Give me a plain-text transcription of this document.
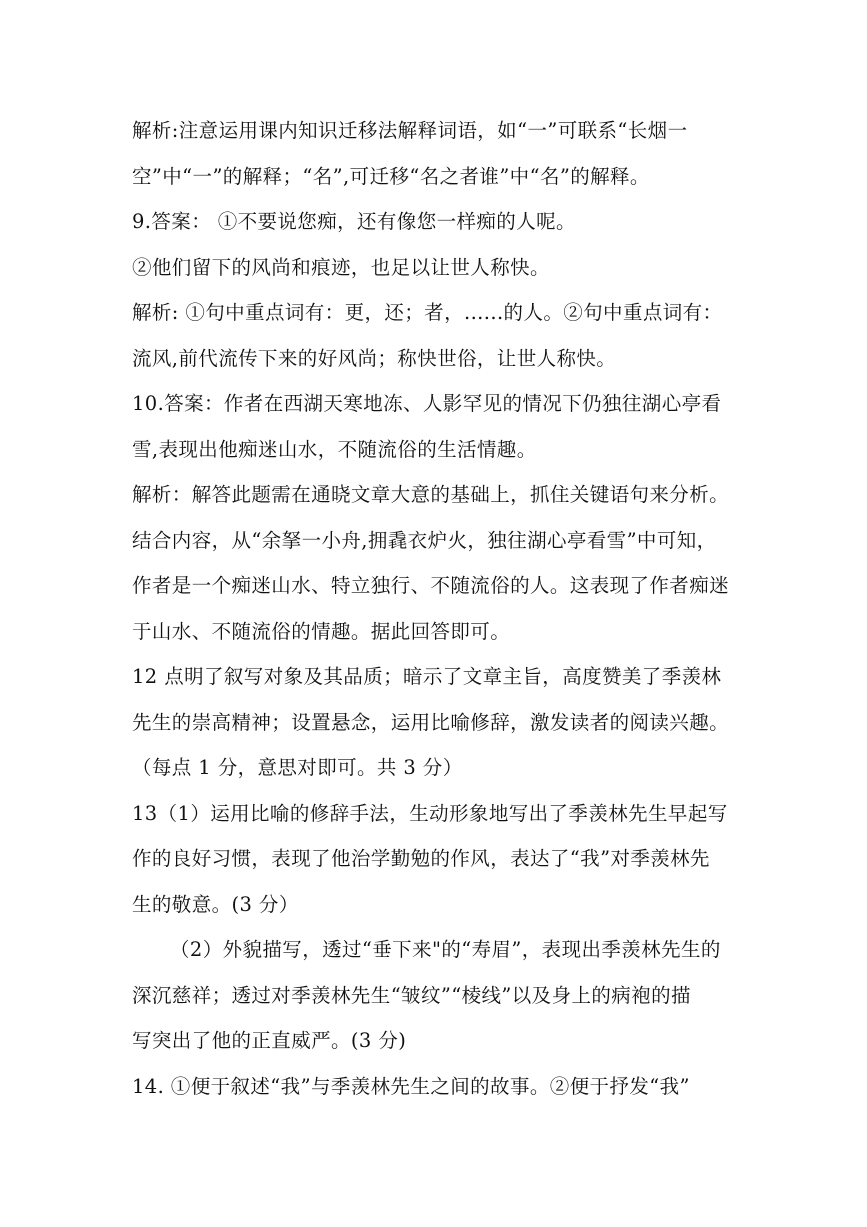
解析:注意运用课内知识迁移法解释词语，如“一”可联系“长烟一
空”中“一”的解释；“名”,可迁移“名之者谁”中“名”的解释。
9.答案： ①不要说您痴，还有像您一样痴的人呢。
②他们留下的风尚和痕迹，也足以让世人称快。
解析: ①句中重点词有：更，还；者，......的人。②句中重点词有：
流风,前代流传下来的好风尚；称快世俗，让世人称快。
10.答案：作者在西湖天寒地冻、人影罕见的情况下仍独往湖心亭看
雪,表现出他痴迷山水，不随流俗的生活情趣。
解析：解答此题需在通晓文章大意的基础上，抓住关键语句来分析。
结合内容，从“余拏一小舟,拥毳衣炉火，独往湖心亭看雪”中可知，
作者是一个痴迷山水、特立独行、不随流俗的人。这表现了作者痴迷
于山水、不随流俗的情趣。据此回答即可。
12 点明了叙写对象及其品质；暗示了文章主旨，高度赞美了季羡林
先生的崇高精神；设置悬念，运用比喻修辞，激发读者的阅读兴趣。
（每点 1 分，意思对即可。共 3 分）
13（1）运用比喻的修辞手法，生动形象地写出了季羡林先生早起写
作的良好习惯，表现了他治学勤勉的作风，表达了“我”对季羡林先
生的敬意。(3 分）
（2）外貌描写，透过“垂下来"的“寿眉”，表现出季羡林先生的
深沉慈祥；透过对季羡林先生“皱纹”“棱线”以及身上的病袍的描
写突出了他的正直威严。(3 分)
14. ①便于叙述“我”与季羡林先生之间的故事。②便于抒发“我”
